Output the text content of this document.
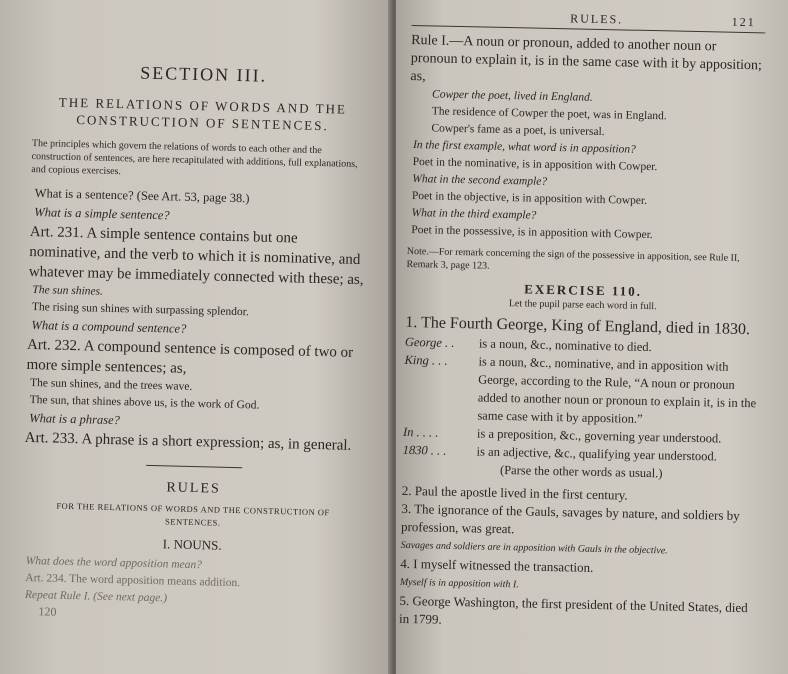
SECTION III.

THE RELATIONS OF WORDS AND THE
CONSTRUCTION OF SENTENCES.

The principles which govern the relations of words to each other and the construction of sentences, are here recapitulated with additions, full explanations, and copious exercises.

What is a sentence? (See Art. 53, page 38.)

What is a simple sentence?

Art. 231. A simple sentence contains but one nominative, and the verb to which it is nominative, and whatever may be immediately connected with these; as,

The sun shines.

The rising sun shines with surpassing splendor.

What is a compound sentence?

Art. 232. A compound sentence is composed of two or more simple sentences; as,

The sun shines, and the trees wave.

The sun, that shines above us, is the work of God.

What is a phrase?

Art. 233. A phrase is a short expression; as, in general.

RULES

FOR THE RELATIONS OF WORDS AND THE CONSTRUCTION OF
SENTENCES.

I. NOUNS.

What does the word apposition mean?

Art. 234. The word apposition means addition.

Repeat Rule I. (See next page.)

120

RULES.	121

Rule I.—A noun or pronoun, added to another noun or pronoun to explain it, is in the same case with it by apposition; as,

Cowper the poet, lived in England.

The residence of Cowper the poet, was in England.

Cowper's fame as a poet, is universal.

In the first example, what word is in apposition?

Poet in the nominative, is in apposition with Cowper.

What in the second example?

Poet in the objective, is in apposition with Cowper.

What in the third example?

Poet in the possessive, is in apposition with Cowper.

Note.—For remark concerning the sign of the possessive in apposition, see Rule II, Remark 3, page 123.

EXERCISE 110.

Let the pupil parse each word in full.

1. The Fourth George, King of England, died in 1830.

George . .	is a noun, &c., nominative to died.
King . . .	is a noun, &c., nominative, and in apposition with George, according to the Rule, “A noun or pronoun added to another noun or pronoun to explain it, is in the same case with it by apposition.”
In . . . .	is a preposition, &c., governing year understood.
1830 . . .	is an adjective, &c., qualifying year understood.

(Parse the other words as usual.)

2. Paul the apostle lived in the first century.

3. The ignorance of the Gauls, savages by nature, and soldiers by profession, was great.

Savages and soldiers are in apposition with Gauls in the objective.

4. I myself witnessed the transaction.

Myself is in apposition with I.

5. George Washington, the first president of the United States, died in 1799.
